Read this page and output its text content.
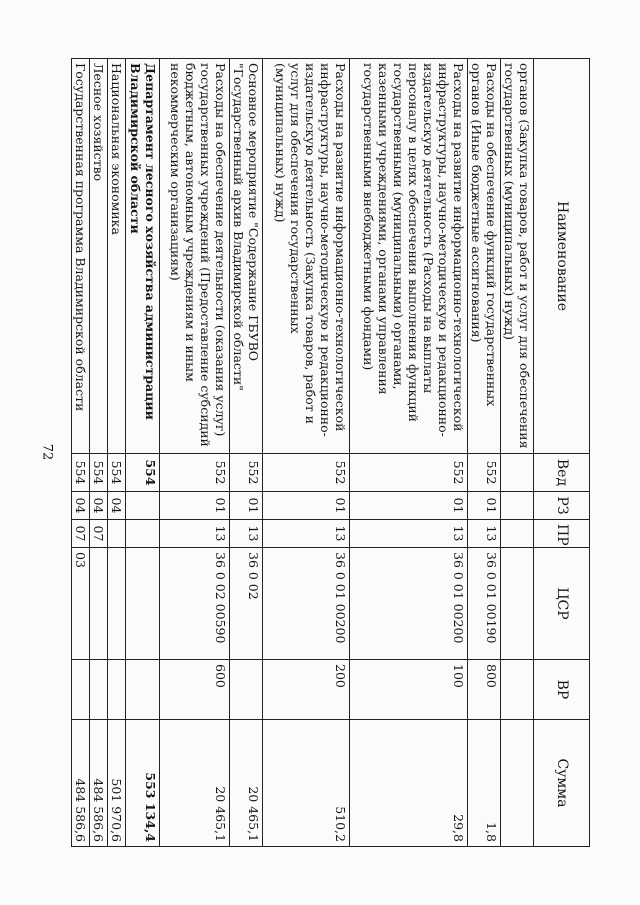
72
Наименование	Вед	РЗ	ПР	ЦСР	ВР	Сумма
органов (Закупка товаров, работ и услуг для обеспечения государственных (муниципальных) нужд)						
Расходы на обеспечение функций государственных органов (Иные бюджетные ассигнования)	552	01	13	36 0 01 00190	800	1,8
Расходы на развитие информационно-технологической инфраструктуры, научно-методическую и редакционно-издательскую деятельность (Расходы на выплаты персоналу в целях обеспечения выполнения функций государственными (муниципальными) органами, казенными учреждениями, органами управления государственными внебюджетными фондами)	552	01	13	36 0 01 00200	100	29,8
Расходы на развитие информационно-технологической инфраструктуры, научно-методическую и редакционно-издательскую деятельность (Закупка товаров, работ и услуг для обеспечения государственных (муниципальных) нужд)	552	01	13	36 0 01 00200	200	510,2
Основное мероприятие "Содержание ГБУВО "Государственный архив Владимирской области"	552	01	13	36 0 02		20 465,1
Расходы на обеспечение деятельности (оказания услуг) государственных учреждений (Предоставление субсидий бюджетным, автономным учреждениям и иным некоммерческим организациям)	552	01	13	36 0 02 00590	600	20 465,1
Департамент лесного хозяйства администрации Владимирской области	554					553 134,4
Национальная экономика	554	04				501 970,6
Лесное хозяйство	554	04	07			484 586,6
Государственная программа Владимирской области	554	04	07	03		484 586,6
